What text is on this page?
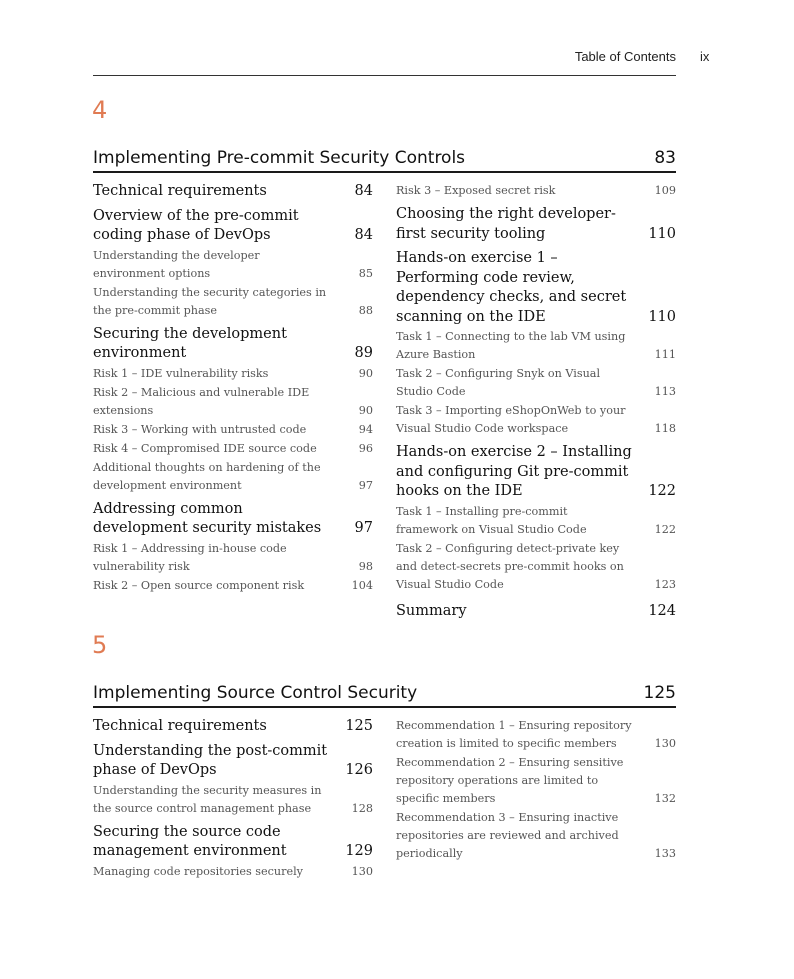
Table of Contents ix
4
Implementing Pre-commit Security Controls	83
Technical requirements	84
Overview of the pre-commit coding phase of DevOps	84
Understanding the developer environment options	85
Understanding the security categories in the pre-commit phase	88
Securing the development environment	89
Risk 1 – IDE vulnerability risks	90
Risk 2 – Malicious and vulnerable IDE extensions	90
Risk 3 – Working with untrusted code	94
Risk 4 – Compromised IDE source code	96
Additional thoughts on hardening of the development environment	97
Addressing common development security mistakes	97
Risk 1 – Addressing in-house code vulnerability risk	98
Risk 2 – Open source component risk	104
Risk 3 – Exposed secret risk	109
Choosing the right developer-first security tooling	110
Hands-on exercise 1 – Performing code review, dependency checks, and secret scanning on the IDE	110
Task 1 – Connecting to the lab VM using Azure Bastion	111
Task 2 – Configuring Snyk on Visual Studio Code	113
Task 3 – Importing eShopOnWeb to your Visual Studio Code workspace	118
Hands-on exercise 2 – Installing and configuring Git pre-commit hooks on the IDE	122
Task 1 – Installing pre-commit framework on Visual Studio Code	122
Task 2 – Configuring detect-private key and detect-secrets pre-commit hooks on Visual Studio Code	123
Summary	124
5
Implementing Source Control Security	125
Technical requirements	125
Understanding the post-commit phase of DevOps	126
Understanding the security measures in the source control management phase	128
Securing the source code management environment	129
Managing code repositories securely	130
Recommendation 1 – Ensuring repository creation is limited to specific members	130
Recommendation 2 – Ensuring sensitive repository operations are limited to specific members	132
Recommendation 3 – Ensuring inactive repositories are reviewed and archived periodically	133
